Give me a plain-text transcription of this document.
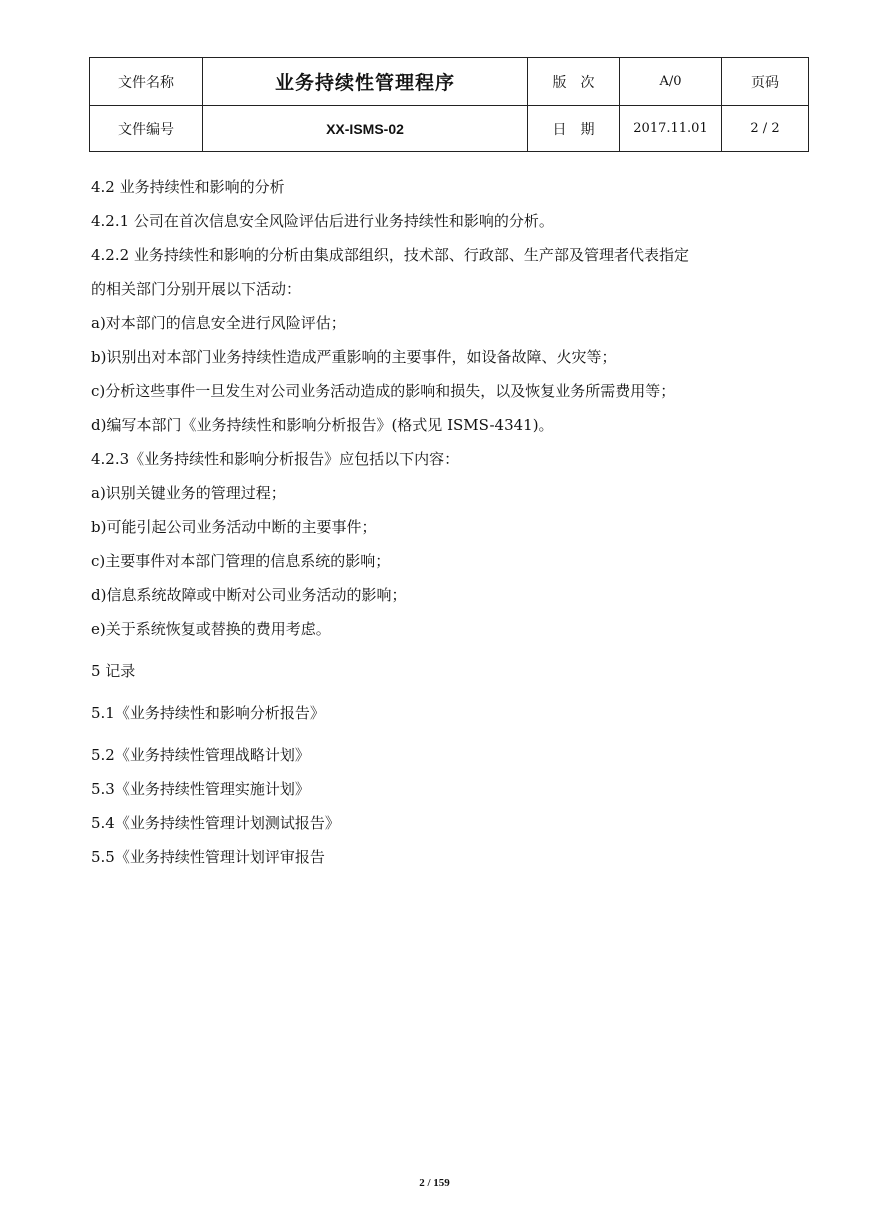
文件名称	业务持续性管理程序	版　次	A/0	页码
文件编号	XX-ISMS-02	日　期	2017.11.01	2 / 2
4.2 业务持续性和影响的分析
4.2.1 公司在首次信息安全风险评估后进行业务持续性和影响的分析。
4.2.2 业务持续性和影响的分析由集成部组织，技术部、行政部、生产部及管理者代表指定
的相关部门分别开展以下活动：
a)对本部门的信息安全进行风险评估；
b)识别出对本部门业务持续性造成严重影响的主要事件，如设备故障、火灾等；
c)分析这些事件一旦发生对公司业务活动造成的影响和损失，以及恢复业务所需费用等；
d)编写本部门《业务持续性和影响分析报告》(格式见 ISMS-4341)。
4.2.3《业务持续性和影响分析报告》应包括以下内容：
a)识别关键业务的管理过程；
b)可能引起公司业务活动中断的主要事件；
c)主要事件对本部门管理的信息系统的影响；
d)信息系统故障或中断对公司业务活动的影响；
e)关于系统恢复或替换的费用考虑。
5 记录
5.1《业务持续性和影响分析报告》
5.2《业务持续性管理战略计划》
5.3《业务持续性管理实施计划》
5.4《业务持续性管理计划测试报告》
5.5《业务持续性管理计划评审报告
2 / 159
